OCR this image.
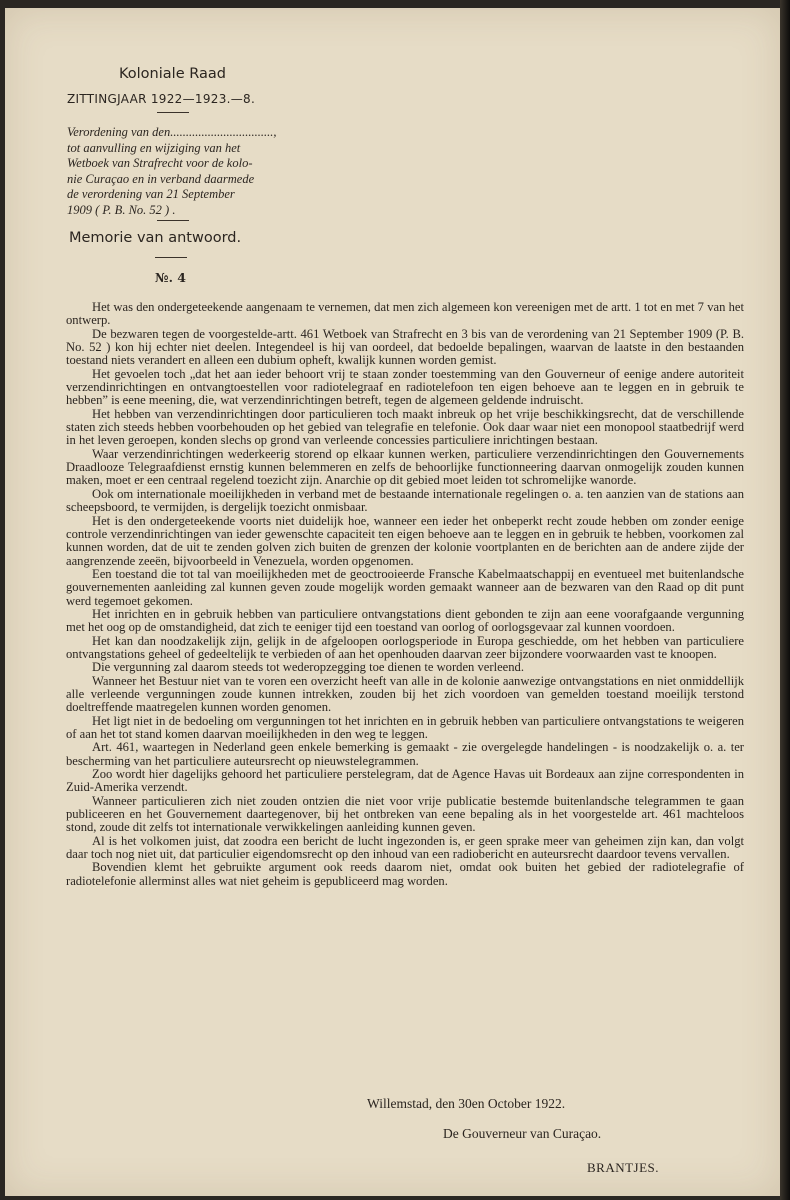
Koloniale Raad
ZITTINGJAAR 1922—1923.—8.
Verordening van den.................................,
tot aanvulling en wijziging van het
Wetboek van Strafrecht voor de kolo-
nie Curaçao en in verband daarmede
de verordening van 21 September
1909 ( P. B. No. 52 ) .
Memorie van antwoord.
№. 4

Het was den ondergeteekende aangenaam te vernemen, dat men zich algemeen kon vereenigen met de artt. 1 tot en met 7 van het ontwerp.

De bezwaren tegen de voorgestelde-artt. 461 Wetboek van Strafrecht en 3 bis van de verordening van 21 September 1909 (P. B. No. 52 ) kon hij echter niet deelen. Integendeel is hij van oordeel, dat bedoelde bepalingen, waarvan de laatste in den bestaanden toestand niets verandert en alleen een dubium opheft, kwalijk kunnen worden gemist.

Het gevoelen toch „dat het aan ieder behoort vrij te staan zonder toestemming van den Gouverneur of eenige andere autoriteit verzendinrichtingen en ontvangtoestellen voor radiotelegraaf en radiotelefoon ten eigen behoeve aan te leggen en in gebruik te hebben” is eene meening, die, wat verzendinrichtingen betreft, tegen de algemeen geldende indruischt.

Het hebben van verzendinrichtingen door particulieren toch maakt inbreuk op het vrije beschikkingsrecht, dat de verschillende staten zich steeds hebben voorbehouden op het gebied van telegrafie en telefonie. Ook daar waar niet een monopool staatbedrijf werd in het leven geroepen, konden slechs op grond van verleende concessies particuliere inrichtingen bestaan.

Waar verzendinrichtingen wederkeerig storend op elkaar kunnen werken, particuliere verzendinrichtingen den Gouvernements Draadlooze Telegraafdienst ernstig kunnen belemmeren en zelfs de behoorlijke functionneering daarvan onmogelijk zouden kunnen maken, moet er een centraal regelend toezicht zijn. Anarchie op dit gebied moet leiden tot schromelijke wanorde.

Ook om internationale moeilijkheden in verband met de bestaande internationale regelingen o. a. ten aanzien van de stations aan scheepsboord, te vermijden, is dergelijk toezicht onmisbaar.

Het is den ondergeteekende voorts niet duidelijk hoe, wanneer een ieder het onbeperkt recht zoude hebben om zonder eenige controle verzendinrichtingen van ieder gewenschte capaciteit ten eigen behoeve aan te leggen en in gebruik te hebben, voorkomen zal kunnen worden, dat de uit te zenden golven zich buiten de grenzen der kolonie voortplanten en de berichten aan de andere zijde der aangrenzende zeeën, bijvoorbeeld in Venezuela, worden opgenomen.

Een toestand die tot tal van moeilijkheden met de geoctrooieerde Fransche Kabelmaatschappij en eventueel met buitenlandsche gouvernementen aanleiding zal kunnen geven zoude mogelijk worden gemaakt wanneer aan de bezwaren van den Raad op dit punt werd tegemoet gekomen.

Het inrichten en in gebruik hebben van particuliere ontvangstations dient gebonden te zijn aan eene voorafgaande vergunning met het oog op de omstandigheid, dat zich te eeniger tijd een toestand van oorlog of oorlogsgevaar zal kunnen voordoen.

Het kan dan noodzakelijk zijn, gelijk in de afgeloopen oorlogsperiode in Europa geschiedde, om het hebben van particuliere ontvangstations geheel of gedeeltelijk te verbieden of aan het openhouden daarvan zeer bijzondere voorwaarden vast te knoopen.

Die vergunning zal daarom steeds tot wederopzegging toe dienen te worden verleend.

Wanneer het Bestuur niet van te voren een overzicht heeft van alle in de kolonie aanwezige ontvangstations en niet onmiddellijk alle verleende vergunningen zoude kunnen intrekken, zouden bij het zich voordoen van gemelden toestand moeilijk terstond doeltreffende maatregelen kunnen worden genomen.

Het ligt niet in de bedoeling om vergunningen tot het inrichten en in gebruik hebben van particuliere ontvangstations te weigeren of aan het tot stand komen daarvan moeilijkheden in den weg te leggen.

Art. 461, waartegen in Nederland geen enkele bemerking is gemaakt - zie overgelegde handelingen - is noodzakelijk o. a. ter bescherming van het particuliere auteursrecht op nieuwstelegrammen.

Zoo wordt hier dagelijks gehoord het particuliere perstelegram, dat de Agence Havas uit Bordeaux aan zijne correspondenten in Zuid-Amerika verzendt.

Wanneer particulieren zich niet zouden ontzien die niet voor vrije publicatie bestemde buitenlandsche telegrammen te gaan publiceeren en het Gouvernement daartegenover, bij het ontbreken van eene bepaling als in het voorgestelde art. 461 machteloos stond, zoude dit zelfs tot internationale verwikkelingen aanleiding kunnen geven.

Al is het volkomen juist, dat zoodra een bericht de lucht ingezonden is, er geen sprake meer van geheimen zijn kan, dan volgt daar toch nog niet uit, dat particulier eigendomsrecht op den inhoud van een radiobericht en auteursrecht daardoor tevens vervallen.

Bovendien klemt het gebruikte argument ook reeds daarom niet, omdat ook buiten het gebied der radiotelegrafie of radiotelefonie allerminst alles wat niet geheim is gepubliceerd mag worden.

Willemstad, den 30en October 1922.
De Gouverneur van Curaçao.
BRANTJES.
